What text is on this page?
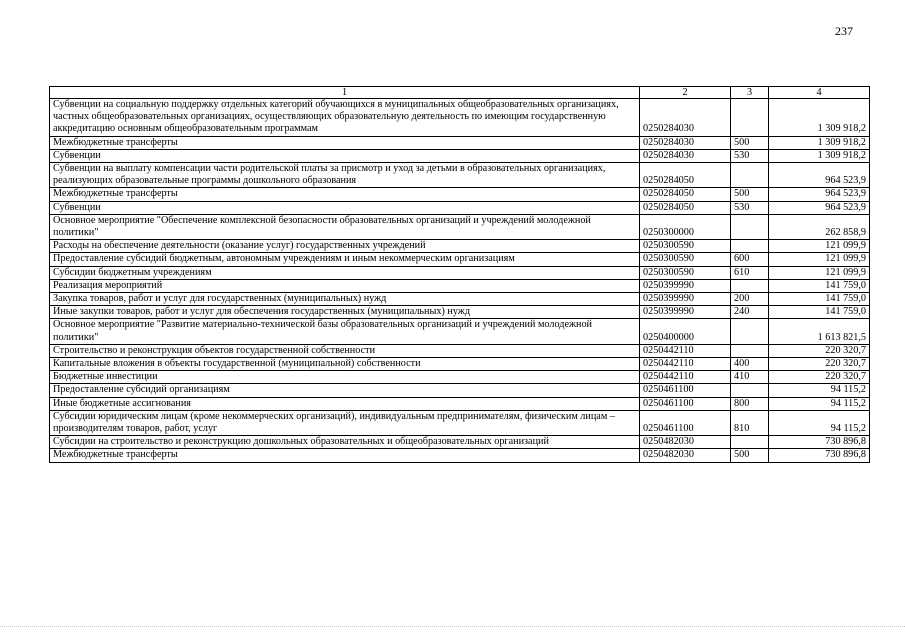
237
1	2	3	4
Субвенции на социальную поддержку отдельных категорий обучающихся в муниципальных общеобразовательных организациях, частных общеобразовательных организациях, осуществляющих образовательную деятельность по имеющим государственную аккредитацию основным общеобразовательным программам	0250284030		1 309 918,2
Межбюджетные трансферты	0250284030	500	1 309 918,2
Субвенции	0250284030	530	1 309 918,2
Субвенции на выплату компенсации части родительской платы за присмотр и уход за детьми в образовательных организациях, реализующих образовательные программы дошкольного образования	0250284050		964 523,9
Межбюджетные трансферты	0250284050	500	964 523,9
Субвенции	0250284050	530	964 523,9
Основное мероприятие "Обеспечение комплексной безопасности образовательных организаций и учреждений молодежной политики"	0250300000		262 858,9
Расходы на обеспечение деятельности (оказание услуг) государственных учреждений	0250300590		121 099,9
Предоставление субсидий бюджетным, автономным учреждениям и иным некоммерческим организациям	0250300590	600	121 099,9
Субсидии бюджетным учреждениям	0250300590	610	121 099,9
Реализация мероприятий	0250399990		141 759,0
Закупка товаров, работ и услуг для государственных (муниципальных) нужд	0250399990	200	141 759,0
Иные закупки товаров, работ и услуг для обеспечения государственных (муниципальных) нужд	0250399990	240	141 759,0
Основное мероприятие "Развитие материально-технической базы образовательных организаций и учреждений молодежной политики"	0250400000		1 613 821,5
Строительство и реконструкция объектов государственной собственности	0250442110		220 320,7
Капитальные вложения в объекты государственной (муниципальной) собственности	0250442110	400	220 320,7
Бюджетные инвестиции	0250442110	410	220 320,7
Предоставление субсидий организациям	0250461100		94 115,2
Иные бюджетные ассигнования	0250461100	800	94 115,2
Субсидии юридическим лицам (кроме некоммерческих организаций), индивидуальным предпринимателям, физическим лицам – производителям товаров, работ, услуг	0250461100	810	94 115,2
Субсидии на строительство и реконструкцию дошкольных образовательных и общеобразовательных организаций	0250482030		730 896,8
Межбюджетные трансферты	0250482030	500	730 896,8
